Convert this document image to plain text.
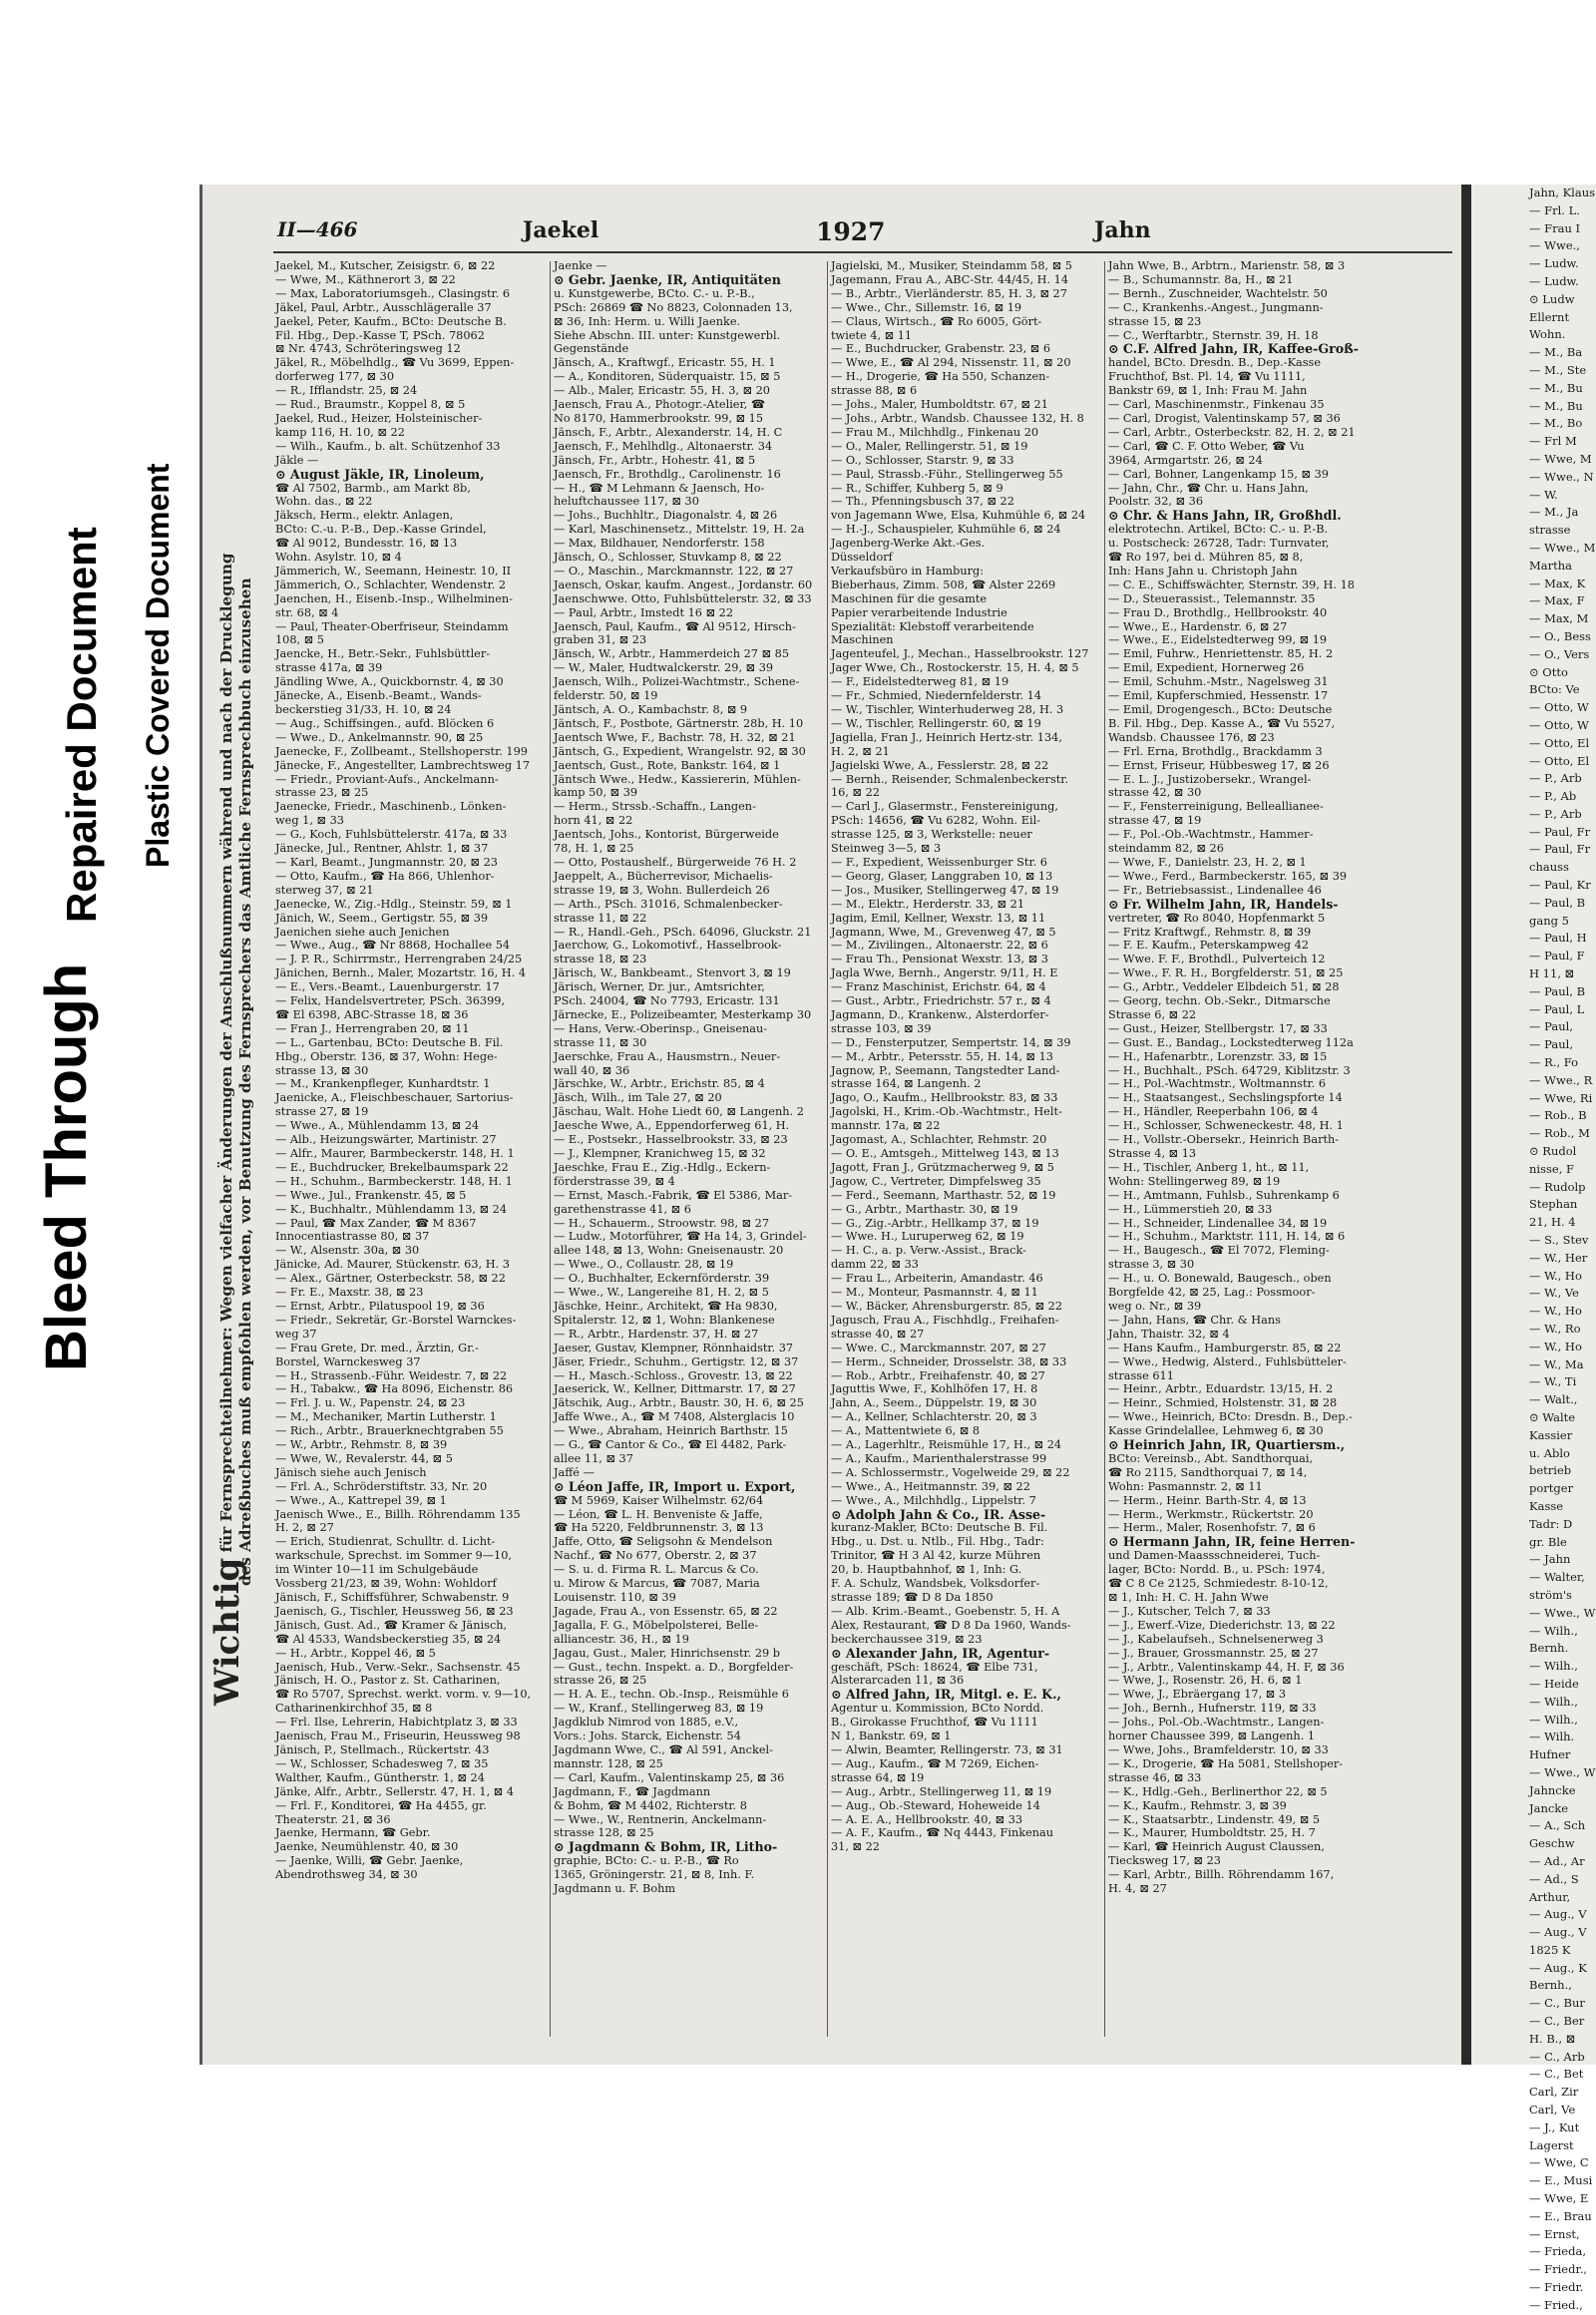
Bleed Through
Repaired Document Plastic Covered Document
Wichtig für Fernsprechteilnehmer: Wegen vielfacher Änderungen der Anschlußnummern während und nach der Drucklegung des Adreßbuches muß empfohlen werden, vor Benutzung des Fernsprechers das Amtliche Fernsprechbuch einzusehen
II—466	Jaekel	1927	Jahn
Jaekel, M., Kutscher, Zeisigstr. 6, ⊠ 22
— Wwe, M., Käthnerort 3, ⊠ 22
— Max, Laboratoriumsgeh., Clasingstr. 6
Jäkel, Paul, Arbtr., Ausschlägeralle 37
Jaekel, Peter, Kaufm., BCto: Deutsche B.
Fil. Hbg., Dep.-Kasse T, PSch. 78062
⊠ Nr. 4743, Schröteringsweg 12
Jäkel, R., Möbelhdlg., ☎ Vu 3699, Eppen-
dorferweg 177, ⊠ 30
— R., Ifflandstr. 25, ⊠ 24
— Rud., Braumstr., Koppel 8, ⊠ 5
Jaekel, Rud., Heizer, Holsteinischer-
kamp 116, H. 10, ⊠ 22
— Wilh., Kaufm., b. alt. Schützenhof 33
Jäkle —
⊙ August Jäkle, IR, Linoleum,
☎ Al 7502, Barmb., am Markt 8b,
Wohn. das., ⊠ 22
Jäksch, Herm., elektr. Anlagen,
BCto: C.-u. P.-B., Dep.-Kasse Grindel,
☎ Al 9012, Bundesstr. 16, ⊠ 13
Wohn. Asylstr. 10, ⊠ 4
Jämmerich, W., Seemann, Heinestr. 10, II
Jämmerich, O., Schlachter, Wendenstr. 2
Jaenchen, H., Eisenb.-Insp., Wilhelminen-
str. 68, ⊠ 4
— Paul, Theater-Oberfriseur, Steindamm
108, ⊠ 5
Jaencke, H., Betr.-Sekr., Fuhlsbüttler-
strasse 417a, ⊠ 39
Jändling Wwe, A., Quickbornstr. 4, ⊠ 30
Jänecke, A., Eisenb.-Beamt., Wands-
beckerstieg 31/33, H. 10, ⊠ 24
— Aug., Schiffsingen., aufd. Blöcken 6
— Wwe., D., Ankelmannstr. 90, ⊠ 25
Jaenecke, F., Zollbeamt., Stellshoperstr. 199
Jänecke, F., Angestellter, Lambrechtsweg 17
— Friedr., Proviant-Aufs., Anckelmann-
strasse 23, ⊠ 25
Jaenecke, Friedr., Maschinenb., Lönken-
weg 1, ⊠ 33
— G., Koch, Fuhlsbüttelerstr. 417a, ⊠ 33
Jänecke, Jul., Rentner, Ahlstr. 1, ⊠ 37
— Karl, Beamt., Jungmannstr. 20, ⊠ 23
— Otto, Kaufm., ☎ Ha 866, Uhlenhor-
sterweg 37, ⊠ 21
Jaenecke, W., Zig.-Hdlg., Steinstr. 59, ⊠ 1
Jänich, W., Seem., Gertigstr. 55, ⊠ 39
Jaenichen siehe auch Jenichen
— Wwe., Aug., ☎ Nr 8868, Hochallee 54
— J. P. R., Schirrmstr., Herrengraben 24/25
Jänichen, Bernh., Maler, Mozartstr. 16, H. 4
— E., Vers.-Beamt., Lauenburgerstr. 17
— Felix, Handelsvertreter, PSch. 36399,
☎ El 6398, ABC-Strasse 18, ⊠ 36
— Fran J., Herrengraben 20, ⊠ 11
— L., Gartenbau, BCto: Deutsche B. Fil.
Hbg., Oberstr. 136, ⊠ 37, Wohn: Hege-
strasse 13, ⊠ 30
— M., Krankenpfleger, Kunhardtstr. 1
Jaenicke, A., Fleischbeschauer, Sartorius-
strasse 27, ⊠ 19
— Wwe., A., Mühlendamm 13, ⊠ 24
— Alb., Heizungswärter, Martinistr. 27
— Alfr., Maurer, Barmbeckerstr. 148, H. 1
— E., Buchdrucker, Brekelbaumspark 22
— H., Schuhm., Barmbeckerstr. 148, H. 1
— Wwe., Jul., Frankenstr. 45, ⊠ 5
— K., Buchhaltr., Mühlendamm 13, ⊠ 24
— Paul, ☎ Max Zander, ☎ M 8367
Innocentiastrasse 80, ⊠ 37
— W., Alsenstr. 30a, ⊠ 30
Jänicke, Ad. Maurer, Stückenstr. 63, H. 3
— Alex., Gärtner, Osterbeckstr. 58, ⊠ 22
— Fr. E., Maxstr. 38, ⊠ 23
— Ernst, Arbtr., Pilatuspool 19, ⊠ 36
— Friedr., Sekretär, Gr.-Borstel Warnckes-
weg 37
— Frau Grete, Dr. med., Ärztin, Gr.-
Borstel, Warnckesweg 37
— H., Strassenb.-Führ. Weidestr. 7, ⊠ 22
— H., Tabakw., ☎ Ha 8096, Eichenstr. 86
— Frl. J. u. W., Papenstr. 24, ⊠ 23
— M., Mechaniker, Martin Lutherstr. 1
— Rich., Arbtr., Brauerknechtgraben 55
— W., Arbtr., Rehmstr. 8, ⊠ 39
— Wwe, W., Revalerstr. 44, ⊠ 5
Jänisch siehe auch Jenisch
— Frl. A., Schröderstiftstr. 33, Nr. 20
— Wwe., A., Kattrepel 39, ⊠ 1
Jaenisch Wwe., E., Billh. Röhrendamm 135
H. 2, ⊠ 27
— Erich, Studienrat, Schulltr. d. Licht-
warkschule, Sprechst. im Sommer 9—10,
im Winter 10—11 im Schulgebäude
Vossberg 21/23, ⊠ 39, Wohn: Wohldorf
Jänisch, F., Schiffsführer, Schwabenstr. 9
Jaenisch, G., Tischler, Heussweg 56, ⊠ 23
Jänisch, Gust. Ad., ☎ Kramer & Jänisch,
☎ Al 4533, Wandsbeckerstieg 35, ⊠ 24
— H., Arbtr., Koppel 46, ⊠ 5
Jaenisch, Hub., Verw.-Sekr., Sachsenstr. 45
Jänisch, H. O., Pastor z. St. Catharinen,
☎ Ro 5707, Sprechst. werkt. vorm. v. 9—10,
Catharinenkirchhof 35, ⊠ 8
— Frl. Ilse, Lehrerin, Habichtplatz 3, ⊠ 33
Jaenisch, Frau M., Friseurin, Heussweg 98
Jänisch, P., Stellmach., Rückertstr. 43
— W., Schlosser, Schadesweg 7, ⊠ 35
Walther, Kaufm., Güntherstr. 1, ⊠ 24
Jänke, Alfr., Arbtr., Sellerstr. 47, H. 1, ⊠ 4
— Frl. F., Konditorei, ☎ Ha 4455, gr.
Theaterstr. 21, ⊠ 36
Jaenke, Hermann, ☎ Gebr.
Jaenke, Neumühlenstr. 40, ⊠ 30
— Jaenke, Willi, ☎ Gebr. Jaenke,
Abendrothsweg 34, ⊠ 30
Jaenke —
⊙ Gebr. Jaenke, IR, Antiquitäten
u. Kunstgewerbe, BCto. C.- u. P.-B.,
PSch: 26869 ☎ No 8823, Colonnaden 13,
⊠ 36, Inh: Herm. u. Willi Jaenke.
Siehe Abschn. III. unter: Kunstgewerbl.
Gegenstände
Jänsch, A., Kraftwgf., Ericastr. 55, H. 1
— A., Konditoren, Süderquaistr. 15, ⊠ 5
— Alb., Maler, Ericastr. 55, H. 3, ⊠ 20
Jaensch, Frau A., Photogr.-Atelier, ☎
No 8170, Hammerbrookstr. 99, ⊠ 15
Jänsch, F., Arbtr., Alexanderstr. 14, H. C
Jaensch, F., Mehlhdlg., Altonaerstr. 34
Jänsch, Fr., Arbtr., Hohestr. 41, ⊠ 5
Jaensch, Fr., Brothdlg., Carolinenstr. 16
— H., ☎ M Lehmann & Jaensch, Ho-
heluftchaussee 117, ⊠ 30
— Johs., Buchhltr., Diagonalstr. 4, ⊠ 26
— Karl, Maschinensetz., Mittelstr. 19, H. 2a
— Max, Bildhauer, Nendorferstr. 158
Jänsch, O., Schlosser, Stuvkamp 8, ⊠ 22
— O., Maschin., Marckmannstr. 122, ⊠ 27
Jaensch, Oskar, kaufm. Angest., Jordanstr. 60
Jaenschwwe. Otto, Fuhlsbüttelerstr. 32, ⊠ 33
— Paul, Arbtr., Imstedt 16 ⊠ 22
Jaensch, Paul, Kaufm., ☎ Al 9512, Hirsch-
graben 31, ⊠ 23
Jänsch, W., Arbtr., Hammerdeich 27 ⊠ 85
— W., Maler, Hudtwalckerstr. 29, ⊠ 39
Jaensch, Wilh., Polizei-Wachtmstr., Schene-
felderstr. 50, ⊠ 19
Jäntsch, A. O., Kambachstr. 8, ⊠ 9
Jäntsch, F., Postbote, Gärtnerstr. 28b, H. 10
Jaentsch Wwe, F., Bachstr. 78, H. 32, ⊠ 21
Jäntsch, G., Expedient, Wrangelstr. 92, ⊠ 30
Jaentsch, Gust., Rote, Bankstr. 164, ⊠ 1
Jäntsch Wwe., Hedw., Kassiererin, Mühlen-
kamp 50, ⊠ 39
— Herm., Strssb.-Schaffn., Langen-
horn 41, ⊠ 22
Jaentsch, Johs., Kontorist, Bürgerweide
78, H. 1, ⊠ 25
— Otto, Postaushelf., Bürgerweide 76 H. 2
Jaeppelt, A., Bücherrevisor, Michaelis-
strasse 19, ⊠ 3, Wohn. Bullerdeich 26
— Arth., PSch. 31016, Schmalenbecker-
strasse 11, ⊠ 22
— R., Handl.-Geh., PSch. 64096, Gluckstr. 21
Jaerchow, G., Lokomotivf., Hasselbrook-
strasse 18, ⊠ 23
Järisch, W., Bankbeamt., Stenvort 3, ⊠ 19
Järisch, Werner, Dr. jur., Amtsrichter,
PSch. 24004, ☎ No 7793, Ericastr. 131
Järnecke, E., Polizeibeamter, Mesterkamp 30
— Hans, Verw.-Oberinsp., Gneisenau-
strasse 11, ⊠ 30
Jaerschke, Frau A., Hausmstrn., Neuer-
wall 40, ⊠ 36
Järschke, W., Arbtr., Erichstr. 85, ⊠ 4
Jäsch, Wilh., im Tale 27, ⊠ 20
Jäschau, Walt. Hohe Liedt 60, ⊠ Langenh. 2
Jaesche Wwe, A., Eppendorferweg 61, H.
— E., Postsekr., Hasselbrookstr. 33, ⊠ 23
— J., Klempner, Kranichweg 15, ⊠ 32
Jaeschke, Frau E., Zig.-Hdlg., Eckern-
förderstrasse 39, ⊠ 4
— Ernst, Masch.-Fabrik, ☎ El 5386, Mar-
garethenstrasse 41, ⊠ 6
— H., Schauerm., Stroowstr. 98, ⊠ 27
— Ludw., Motorführer, ☎ Ha 14, 3, Grindel-
allee 148, ⊠ 13, Wohn: Gneisenaustr. 20
— Wwe., O., Collaustr. 28, ⊠ 19
— O., Buchhalter, Eckernförderstr. 39
— Wwe., W., Langereihe 81, H. 2, ⊠ 5
Jäschke, Heinr., Architekt, ☎ Ha 9830,
Spitalerstr. 12, ⊠ 1, Wohn: Blankenese
— R., Arbtr., Hardenstr. 37, H. ⊠ 27
Jaeser, Gustav, Klempner, Rönnhaidstr. 37
Jäser, Friedr., Schuhm., Gertigstr. 12, ⊠ 37
— H., Masch.-Schloss., Grovestr. 13, ⊠ 22
Jaeserick, W., Kellner, Dittmarstr. 17, ⊠ 27
Jätschik, Aug., Arbtr., Baustr. 30, H. 6, ⊠ 25
Jaffe Wwe., A., ☎ M 7408, Alsterglacis 10
— Wwe., Abraham, Heinrich Barthstr. 15
— G., ☎ Cantor & Co., ☎ El 4482, Park-
allee 11, ⊠ 37
Jaffé —
⊙ Léon Jaffe, IR, Import u. Export,
☎ M 5969, Kaiser Wilhelmstr. 62/64
— Léon, ☎ L. H. Benveniste & Jaffe,
☎ Ha 5220, Feldbrunnenstr. 3, ⊠ 13
Jaffe, Otto, ☎ Seligsohn & Mendelson
Nachf., ☎ No 677, Oberstr. 2, ⊠ 37
— S. u. d. Firma R. L. Marcus & Co.
u. Mirow & Marcus, ☎ 7087, Maria
Louisenstr. 110, ⊠ 39
Jagade, Frau A., von Essenstr. 65, ⊠ 22
Jagalla, F. G., Möbelpolsterei, Belle-
alliancestr. 36, H., ⊠ 19
Jagau, Gust., Maler, Hinrichsenstr. 29 b
— Gust., techn. Inspekt. a. D., Borgfelder-
strasse 26, ⊠ 25
— H. A. E., techn. Ob.-Insp., Reismühle 6
— W., Kranf., Stellingerweg 83, ⊠ 19
Jagdklub Nimrod von 1885, e.V.,
Vors.: Johs. Starck, Eichenstr. 54
Jagdmann Wwe, C., ☎ Al 591, Anckel-
mannstr. 128, ⊠ 25
— Carl, Kaufm., Valentinskamp 25, ⊠ 36
Jagdmann, F., ☎ Jagdmann
& Bohm, ☎ M 4402, Richterstr. 8
— Wwe., W., Rentnerin, Anckelmann-
strasse 128, ⊠ 25
⊙ Jagdmann & Bohm, IR, Litho-
graphie, BCto: C.- u. P.-B., ☎ Ro
1365, Gröningerstr. 21, ⊠ 8, Inh. F.
Jagdmann u. F. Bohm
Jagielski, M., Musiker, Steindamm 58, ⊠ 5
Jagemann, Frau A., ABC-Str. 44/45, H. 14
— B., Arbtr., Vierländerstr. 85, H. 3, ⊠ 27
— Wwe., Chr., Sillemstr. 16, ⊠ 19
— Claus, Wirtsch., ☎ Ro 6005, Gört-
twiete 4, ⊠ 11
— E., Buchdrucker, Grabenstr. 23, ⊠ 6
— Wwe, E., ☎ Al 294, Nissenstr. 11, ⊠ 20
— H., Drogerie, ☎ Ha 550, Schanzen-
strasse 88, ⊠ 6
— Johs., Maler, Humboldtstr. 67, ⊠ 21
— Johs., Arbtr., Wandsb. Chaussee 132, H. 8
— Frau M., Milchhdlg., Finkenau 20
— O., Maler, Rellingerstr. 51, ⊠ 19
— O., Schlosser, Starstr. 9, ⊠ 33
— Paul, Strassb.-Führ., Stellingerweg 55
— R., Schiffer, Kuhberg 5, ⊠ 9
— Th., Pfenningsbusch 37, ⊠ 22
von Jagemann Wwe, Elsa, Kuhmühle 6, ⊠ 24
— H.-J., Schauspieler, Kuhmühle 6, ⊠ 24
Jagenberg-Werke Akt.-Ges.
Düsseldorf
Verkaufsbüro in Hamburg:
Bieberhaus, Zimm. 508, ☎ Alster 2269
Maschinen für die gesamte
Papier verarbeitende Industrie
Spezialität: Klebstoff verarbeitende
Maschinen
Jagenteufel, J., Mechan., Hasselbrookstr. 127
Jager Wwe, Ch., Rostockerstr. 15, H. 4, ⊠ 5
— F., Eidelstedterweg 81, ⊠ 19
— Fr., Schmied, Niedernfelderstr. 14
— W., Tischler, Winterhuderweg 28, H. 3
— W., Tischler, Rellingerstr. 60, ⊠ 19
Jagiella, Fran J., Heinrich Hertz-str. 134,
H. 2, ⊠ 21
Jagielski Wwe, A., Fesslerstr. 28, ⊠ 22
— Bernh., Reisender, Schmalenbeckerstr.
16, ⊠ 22
— Carl J., Glasermstr., Fenstereinigung,
PSch: 14656, ☎ Vu 6282, Wohn. Eil-
strasse 125, ⊠ 3, Werkstelle: neuer
Steinweg 3—5, ⊠ 3
— F., Expedient, Weissenburger Str. 6
— Georg, Glaser, Langgraben 10, ⊠ 13
— Jos., Musiker, Stellingerweg 47, ⊠ 19
— M., Elektr., Herderstr. 33, ⊠ 21
Jagim, Emil, Kellner, Wexstr. 13, ⊠ 11
Jagmann, Wwe, M., Grevenweg 47, ⊠ 5
— M., Zivilingen., Altonaerstr. 22, ⊠ 6
— Frau Th., Pensionat Wexstr. 13, ⊠ 3
Jagla Wwe, Bernh., Angerstr. 9/11, H. E
— Franz Maschinist, Erichstr. 64, ⊠ 4
— Gust., Arbtr., Friedrichstr. 57 r., ⊠ 4
Jagmann, D., Krankenw., Alsterdorfer-
strasse 103, ⊠ 39
— D., Fensterputzer, Sempertstr. 14, ⊠ 39
— M., Arbtr., Petersstr. 55, H. 14, ⊠ 13
Jagnow, P., Seemann, Tangstedter Land-
strasse 164, ⊠ Langenh. 2
Jago, O., Kaufm., Hellbrookstr. 83, ⊠ 33
Jagolski, H., Krim.-Ob.-Wachtmstr., Helt-
mannstr. 17a, ⊠ 22
Jagomast, A., Schlachter, Rehmstr. 20
— O. E., Amtsgeh., Mittelweg 143, ⊠ 13
Jagott, Fran J., Grützmacherweg 9, ⊠ 5
Jagow, C., Vertreter, Dimpfelsweg 35
— Ferd., Seemann, Marthastr. 52, ⊠ 19
— G., Arbtr., Marthastr. 30, ⊠ 19
— G., Zig.-Arbtr., Hellkamp 37, ⊠ 19
— Wwe. H., Luruperweg 62, ⊠ 19
— H. C., a. p. Verw.-Assist., Brack-
damm 22, ⊠ 33
— Frau L., Arbeiterin, Amandastr. 46
— M., Monteur, Pasmannstr. 4, ⊠ 11
— W., Bäcker, Ahrensburgerstr. 85, ⊠ 22
Jagusch, Frau A., Fischhdlg., Freihafen-
strasse 40, ⊠ 27
— Wwe. C., Marckmannstr. 207, ⊠ 27
— Herm., Schneider, Drosselstr. 38, ⊠ 33
— Rob., Arbtr., Freihafenstr. 40, ⊠ 27
Jaguttis Wwe, F., Kohlhöfen 17, H. 8
Jahn, A., Seem., Düppelstr. 19, ⊠ 30
— A., Kellner, Schlachterstr. 20, ⊠ 3
— A., Mattentwiete 6, ⊠ 8
— A., Lagerhltr., Reismühle 17, H., ⊠ 24
— A., Kaufm., Marienthalerstrasse 99
— A. Schlossermstr., Vogelweide 29, ⊠ 22
— Wwe., A., Heitmannstr. 39, ⊠ 22
— Wwe., A., Milchhdlg., Lippelstr. 7
⊙ Adolph Jahn & Co., IR. Asse-
kuranz-Makler, BCto: Deutsche B. Fil.
Hbg., u. Dst. u. Ntlb., Fil. Hbg., Tadr:
Trinitor, ☎ H 3 Al 42, kurze Mühren
20, b. Hauptbahnhof, ⊠ 1, Inh: G.
F. A. Schulz, Wandsbek, Volksdorfer-
strasse 189; ☎ D 8 Da 1850
— Alb. Krim.-Beamt., Goebenstr. 5, H. A
Alex, Restaurant, ☎ D 8 Da 1960, Wands-
beckerchaussee 319, ⊠ 23
⊙ Alexander Jahn, IR, Agentur-
geschäft, PSch: 18624, ☎ Elbe 731,
Alsterarcaden 11, ⊠ 36
⊙ Alfred Jahn, IR, Mitgl. e. E. K.,
Agentur u. Kommission, BCto Nordd.
B., Girokasse Fruchthof, ☎ Vu 1111
N 1, Bankstr. 69, ⊠ 1
— Alwin, Beamter, Rellingerstr. 73, ⊠ 31
— Aug., Kaufm., ☎ M 7269, Eichen-
strasse 64, ⊠ 19
— Aug., Arbtr., Stellingerweg 11, ⊠ 19
— Aug., Ob.-Steward, Hoheweide 14
— A. E. A., Hellbrookstr. 40, ⊠ 33
— A. F., Kaufm., ☎ Nq 4443, Finkenau
31, ⊠ 22
Jahn Wwe, B., Arbtrn., Marienstr. 58, ⊠ 3
— B., Schumannstr. 8a, H., ⊠ 21
— Bernh., Zuschneider, Wachtelstr. 50
— C., Krankenhs.-Angest., Jungmann-
strasse 15, ⊠ 23
— C., Werftarbtr., Sternstr. 39, H. 18
⊙ C.F. Alfred Jahn, IR, Kaffee-Groß-
handel, BCto. Dresdn. B., Dep.-Kasse
Fruchthof, Bst. Pl. 14, ☎ Vu 1111,
Bankstr 69, ⊠ 1, Inh: Frau M. Jahn
— Carl, Maschinenmstr., Finkenau 35
— Carl, Drogist, Valentinskamp 57, ⊠ 36
— Carl, Arbtr., Osterbeckstr. 82, H. 2, ⊠ 21
— Carl, ☎ C. F. Otto Weber, ☎ Vu
3964, Armgartstr. 26, ⊠ 24
— Carl, Bohner, Langenkamp 15, ⊠ 39
— Jahn, Chr., ☎ Chr. u. Hans Jahn,
Poolstr. 32, ⊠ 36
⊙ Chr. & Hans Jahn, IR, Großhdl.
elektrotechn. Artikel, BCto: C.- u. P.-B.
u. Postscheck: 26728, Tadr: Turnvater,
☎ Ro 197, bei d. Mühren 85, ⊠ 8,
Inh: Hans Jahn u. Christoph Jahn
— C. E., Schiffswächter, Sternstr. 39, H. 18
— D., Steuerassist., Telemannstr. 35
— Frau D., Brothdlg., Hellbrookstr. 40
— Wwe., E., Hardenstr. 6, ⊠ 27
— Wwe., E., Eidelstedterweg 99, ⊠ 19
— Emil, Fuhrw., Henriettenstr. 85, H. 2
— Emil, Expedient, Hornerweg 26
— Emil, Schuhm.-Mstr., Nagelsweg 31
— Emil, Kupferschmied, Hessenstr. 17
— Emil, Drogengesch., BCto: Deutsche
B. Fil. Hbg., Dep. Kasse A., ☎ Vu 5527,
Wandsb. Chaussee 176, ⊠ 23
— Frl. Erna, Brothdlg., Brackdamm 3
— Ernst, Friseur, Hübbesweg 17, ⊠ 26
— E. L. J., Justizobersekr., Wrangel-
strasse 42, ⊠ 30
— F., Fensterreinigung, Belleallianee-
strasse 47, ⊠ 19
— F., Pol.-Ob.-Wachtmstr., Hammer-
steindamm 82, ⊠ 26
— Wwe, F., Danielstr. 23, H. 2, ⊠ 1
— Wwe., Ferd., Barmbeckerstr. 165, ⊠ 39
— Fr., Betriebsassist., Lindenallee 46
⊙ Fr. Wilhelm Jahn, IR, Handels-
vertreter, ☎ Ro 8040, Hopfenmarkt 5
— Fritz Kraftwgf., Rehmstr. 8, ⊠ 39
— F. E. Kaufm., Peterskampweg 42
— Wwe. F. F., Brothdl., Pulverteich 12
— Wwe., F. R. H., Borgfelderstr. 51, ⊠ 25
— G., Arbtr., Veddeler Elbdeich 51, ⊠ 28
— Georg, techn. Ob.-Sekr., Ditmarsche
Strasse 6, ⊠ 22
— Gust., Heizer, Stellbergstr. 17, ⊠ 33
— Gust. E., Bandag., Lockstedterweg 112a
— H., Hafenarbtr., Lorenzstr. 33, ⊠ 15
— H., Buchhalt., PSch. 64729, Kiblitzstr. 3
— H., Pol.-Wachtmstr., Woltmannstr. 6
— H., Staatsangest., Sechslingspforte 14
— H., Händler, Reeperbahn 106, ⊠ 4
— H., Schlosser, Schweneckestr. 48, H. 1
— H., Vollstr.-Obersekr., Heinrich Barth-
Strasse 4, ⊠ 13
— H., Tischler, Anberg 1, ht., ⊠ 11,
Wohn: Stellingerweg 89, ⊠ 19
— H., Amtmann, Fuhlsb., Suhrenkamp 6
— H., Lümmerstieh 20, ⊠ 33
— H., Schneider, Lindenallee 34, ⊠ 19
— H., Schuhm., Marktstr. 111, H. 14, ⊠ 6
— H., Baugesch., ☎ El 7072, Fleming-
strasse 3, ⊠ 30
— H., u. O. Bonewald, Baugesch., oben
Borgfelde 42, ⊠ 25, Lag.: Possmoor-
weg o. Nr., ⊠ 39
— Jahn, Hans, ☎ Chr. & Hans
Jahn, Thaistr. 32, ⊠ 4
— Hans Kaufm., Hamburgerstr. 85, ⊠ 22
— Wwe., Hedwig, Alsterd., Fuhlsbütteler-
strasse 611
— Heinr., Arbtr., Eduardstr. 13/15, H. 2
— Heinr., Schmied, Holstenstr. 31, ⊠ 28
— Wwe., Heinrich, BCto: Dresdn. B., Dep.-
Kasse Grindelallee, Lehmweg 6, ⊠ 30
⊙ Heinrich Jahn, IR, Quartiersm.,
BCto: Vereinsb., Abt. Sandthorquai,
☎ Ro 2115, Sandthorquai 7, ⊠ 14,
Wohn: Pasmannstr. 2, ⊠ 11
— Herm., Heinr. Barth-Str. 4, ⊠ 13
— Herm., Werkmstr., Rückertstr. 20
— Herm., Maler, Rosenhofstr. 7, ⊠ 6
⊙ Hermann Jahn, IR, feine Herren-
und Damen-Maassschneiderei, Tuch-
lager, BCto: Nordd. B., u. PSch: 1974,
☎ C 8 Ce 2125, Schmiedestr. 8-10-12,
⊠ 1, Inh: H. C. H. Jahn Wwe
— J., Kutscher, Telch 7, ⊠ 33
— J., Ewerf.-Vize, Diederichstr. 13, ⊠ 22
— J., Kabelaufseh., Schnelsenerweg 3
— J., Brauer, Grossmannstr. 25, ⊠ 27
— J., Arbtr., Valentinskamp 44, H. F, ⊠ 36
— Wwe, J., Rosenstr. 26, H. 6, ⊠ 1
— Wwe, J., Ebräergang 17, ⊠ 3
— Joh., Bernh., Hufnerstr. 119, ⊠ 33
— Johs., Pol.-Ob.-Wachtmstr., Langen-
horner Chaussee 399, ⊠ Langenh. 1
— Wwe, Johs., Bramfelderstr. 10, ⊠ 33
— K., Drogerie, ☎ Ha 5081, Stellshoper-
strasse 46, ⊠ 33
— K., Hdlg.-Geh., Berlinerthor 22, ⊠ 5
— K., Kaufm., Rehmstr. 3, ⊠ 39
— K., Staatsarbtr., Lindenstr. 49, ⊠ 5
— K., Maurer, Humboldtstr. 25, H. 7
— Karl, ☎ Heinrich August Claussen,
Tiecksweg 17, ⊠ 23
— Karl, Arbtr., Billh. Röhrendamm 167,
H. 4, ⊠ 27
Jahn, Klaus
— Frl. L.
— Frau I
— Wwe.,
— Ludw.
— Ludw.
⊙ Ludw
Ellernt
Wohn.
— M., Ba
— M., Ste
— M., Bu
— M., Bu
— M., Bo
— Frl M
— Wwe, M
— Wwe., N
— W.
— M., Ja
strasse
— Wwe., M
Martha
— Max, K
— Max, F
— Max, M
— O., Bess
— O., Vers
⊙ Otto
BCto: Ve
— Otto, W
— Otto, W
— Otto, El
— Otto, El
— P., Arb
— P., Ab
— P., Arb
— Paul, Fr
— Paul, Fr
chauss
— Paul, Kr
— Paul, B
gang 5
— Paul, H
— Paul, F
H 11, ⊠
— Paul, B
— Paul, L
— Paul,
— Paul,
— R., Fo
— Wwe., R
— Wwe, Ri
— Rob., B
— Rob., M
⊙ Rudol
nisse, F
— Rudolp
Stephan
21, H. 4
— S., Stev
— W., Her
— W., Ho
— W., Ve
— W., Ho
— W., Ro
— W., Ho
— W., Ma
— W., Ti
— Walt.,
⊙ Walte
Kassier
u. Ablo
betrieb
portger
Kasse
Tadr: D
gr. Ble
— Jahn
— Walter,
ström's
— Wwe., W
— Wilh.,
Bernh.
— Wilh.,
— Heide
— Wilh.,
— Wilh.,
— Wilh.
Hufner
— Wwe., W
Jahncke
Jancke
— A., Sch
Geschw
— Ad., Ar
— Ad., S
Arthur,
— Aug., V
— Aug., V
1825 K
— Aug., K
Bernh.,
— C., Bur
— C., Ber
H. B., ⊠
— C., Arb
— C., Bet
Carl, Zir
Carl, Ve
— J., Kut
Lagerst
— Wwe, C
— E., Musi
— Wwe, E
— E., Brau
— Ernst,
— Frieda,
— Friedr.,
— Friedr.
— Fried.,
